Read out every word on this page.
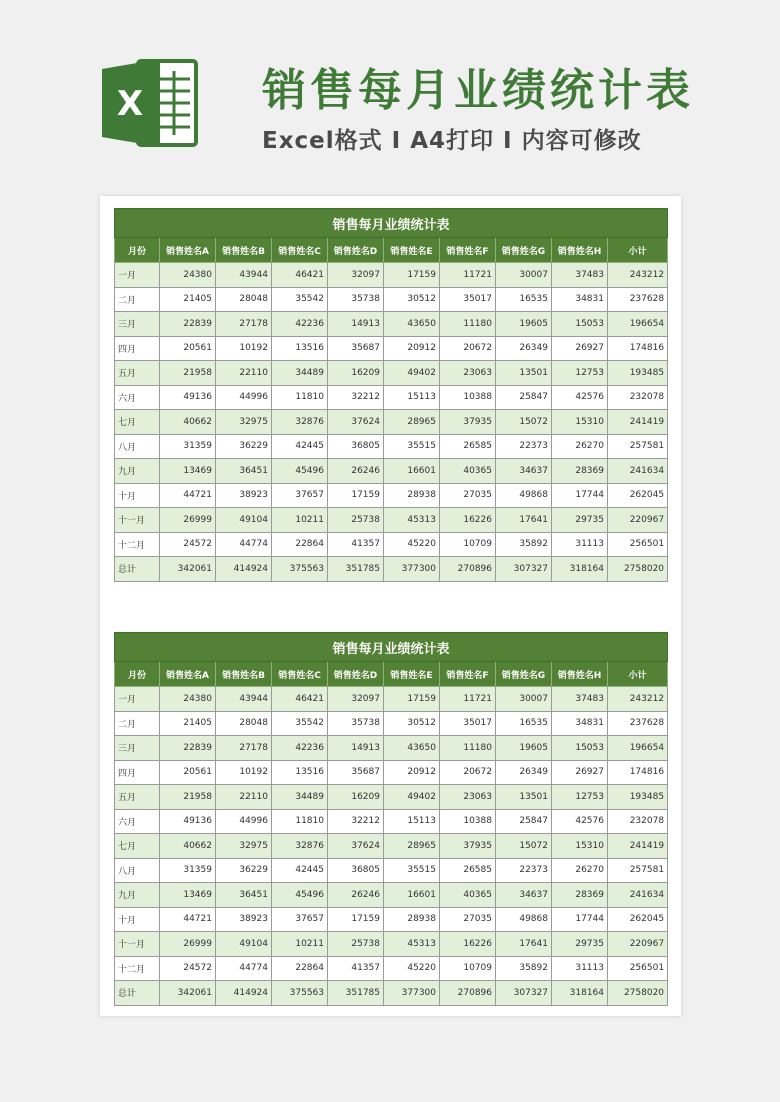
X	销售每月业绩统计表
Excel格式 I A4打印 I 内容可修改
销售每月业绩统计表									
月份	销售姓名A	销售姓名B	销售姓名C	销售姓名D	销售姓名E	销售姓名F	销售姓名G	销售姓名H	小计
一月	24380	43944	46421	32097	17159	11721	30007	37483	243212
二月	21405	28048	35542	35738	30512	35017	16535	34831	237628
三月	22839	27178	42236	14913	43650	11180	19605	15053	196654
四月	20561	10192	13516	35687	20912	20672	26349	26927	174816
五月	21958	22110	34489	16209	49402	23063	13501	12753	193485
六月	49136	44996	11810	32212	15113	10388	25847	42576	232078
七月	40662	32975	32876	37624	28965	37935	15072	15310	241419
八月	31359	36229	42445	36805	35515	26585	22373	26270	257581
九月	13469	36451	45496	26246	16601	40365	34637	28369	241634
十月	44721	38923	37657	17159	28938	27035	49868	17744	262045
十一月	26999	49104	10211	25738	45313	16226	17641	29735	220967
十二月	24572	44774	22864	41357	45220	10709	35892	31113	256501
总计	342061	414924	375563	351785	377300	270896	307327	318164	2758020
销售每月业绩统计表									
月份	销售姓名A	销售姓名B	销售姓名C	销售姓名D	销售姓名E	销售姓名F	销售姓名G	销售姓名H	小计
一月	24380	43944	46421	32097	17159	11721	30007	37483	243212
二月	21405	28048	35542	35738	30512	35017	16535	34831	237628
三月	22839	27178	42236	14913	43650	11180	19605	15053	196654
四月	20561	10192	13516	35687	20912	20672	26349	26927	174816
五月	21958	22110	34489	16209	49402	23063	13501	12753	193485
六月	49136	44996	11810	32212	15113	10388	25847	42576	232078
七月	40662	32975	32876	37624	28965	37935	15072	15310	241419
八月	31359	36229	42445	36805	35515	26585	22373	26270	257581
九月	13469	36451	45496	26246	16601	40365	34637	28369	241634
十月	44721	38923	37657	17159	28938	27035	49868	17744	262045
十一月	26999	49104	10211	25738	45313	16226	17641	29735	220967
十二月	24572	44774	22864	41357	45220	10709	35892	31113	256501
总计	342061	414924	375563	351785	377300	270896	307327	318164	2758020
